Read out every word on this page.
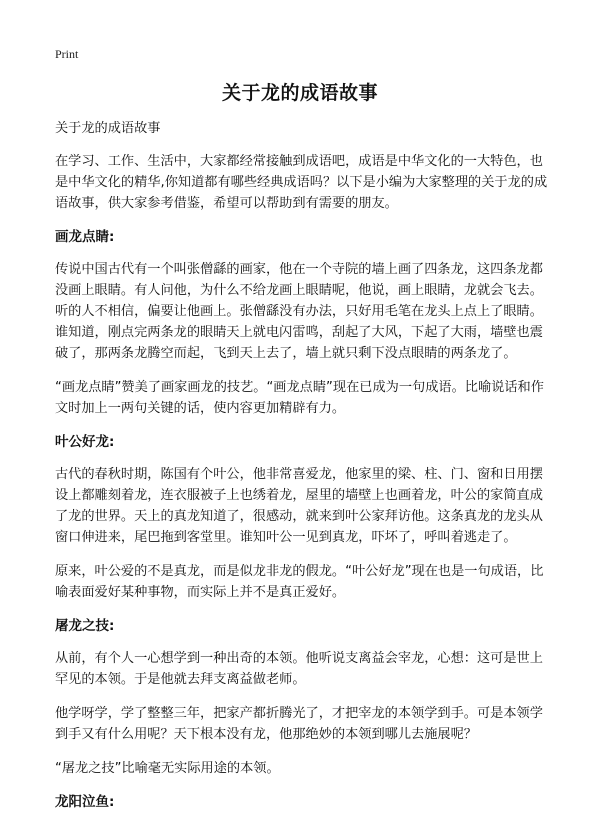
Print
关于龙的成语故事
关于龙的成语故事

在学习、工作、生活中，大家都经常接触到成语吧，成语是中华文化的一大特色，也是中华文化的精华,你知道都有哪些经典成语吗？以下是小编为大家整理的关于龙的成语故事，供大家参考借鉴，希望可以帮助到有需要的朋友。

画龙点睛:

传说中国古代有一个叫张僧繇的画家，他在一个寺院的墙上画了四条龙，这四条龙都没画上眼睛。有人问他，为什么不给龙画上眼睛呢，他说，画上眼睛，龙就会飞去。听的人不相信，偏要让他画上。张僧繇没有办法，只好用毛笔在龙头上点上了眼睛。谁知道，刚点完两条龙的眼睛天上就电闪雷鸣，刮起了大风，下起了大雨，墙壁也震破了，那两条龙腾空而起，飞到天上去了，墙上就只剩下没点眼睛的两条龙了。

“画龙点睛”赞美了画家画龙的技艺。“画龙点睛”现在已成为一句成语。比喻说话和作文时加上一两句关键的话，使内容更加精辟有力。

叶公好龙:

古代的春秋时期，陈国有个叶公，他非常喜爱龙，他家里的梁、柱、门、窗和日用摆设上都雕刻着龙，连衣服被子上也绣着龙，屋里的墙壁上也画着龙，叶公的家简直成了龙的世界。天上的真龙知道了，很感动，就来到叶公家拜访他。这条真龙的龙头从窗口伸进来，尾巴拖到客堂里。谁知叶公一见到真龙，吓坏了，呼叫着逃走了。

原来，叶公爱的不是真龙，而是似龙非龙的假龙。“叶公好龙”现在也是一句成语，比喻表面爱好某种事物，而实际上并不是真正爱好。

屠龙之技:

从前，有个人一心想学到一种出奇的本领。他听说支离益会宰龙，心想：这可是世上罕见的本领。于是他就去拜支离益做老师。

他学呀学，学了整整三年，把家产都折腾光了，才把宰龙的本领学到手。可是本领学到手又有什么用呢？天下根本没有龙，他那绝妙的本领到哪儿去施展呢？

“屠龙之技”比喻毫无实际用途的本领。

龙阳泣鱼:
